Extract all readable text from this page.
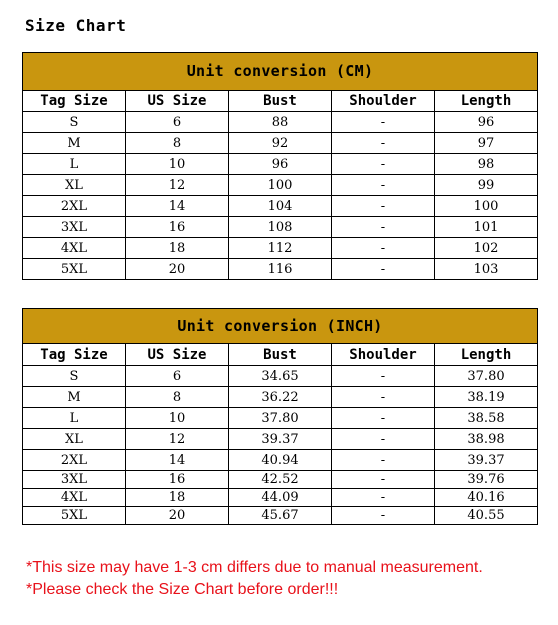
Size Chart
Unit conversion (CM)				
Tag Size	US Size	Bust	Shoulder	Length
S	6	88	-	96
M	8	92	-	97
L	10	96	-	98
XL	12	100	-	99
2XL	14	104	-	100
3XL	16	108	-	101
4XL	18	112	-	102
5XL	20	116	-	103
Unit conversion (INCH)				
Tag Size	US Size	Bust	Shoulder	Length
S	6	34.65	-	37.80
M	8	36.22	-	38.19
L	10	37.80	-	38.58
XL	12	39.37	-	38.98
2XL	14	40.94	-	39.37
3XL	16	42.52	-	39.76
4XL	18	44.09	-	40.16
5XL	20	45.67	-	40.55
*This size may have 1-3 cm differs due to manual measurement.
*Please check the Size Chart before order!!!
